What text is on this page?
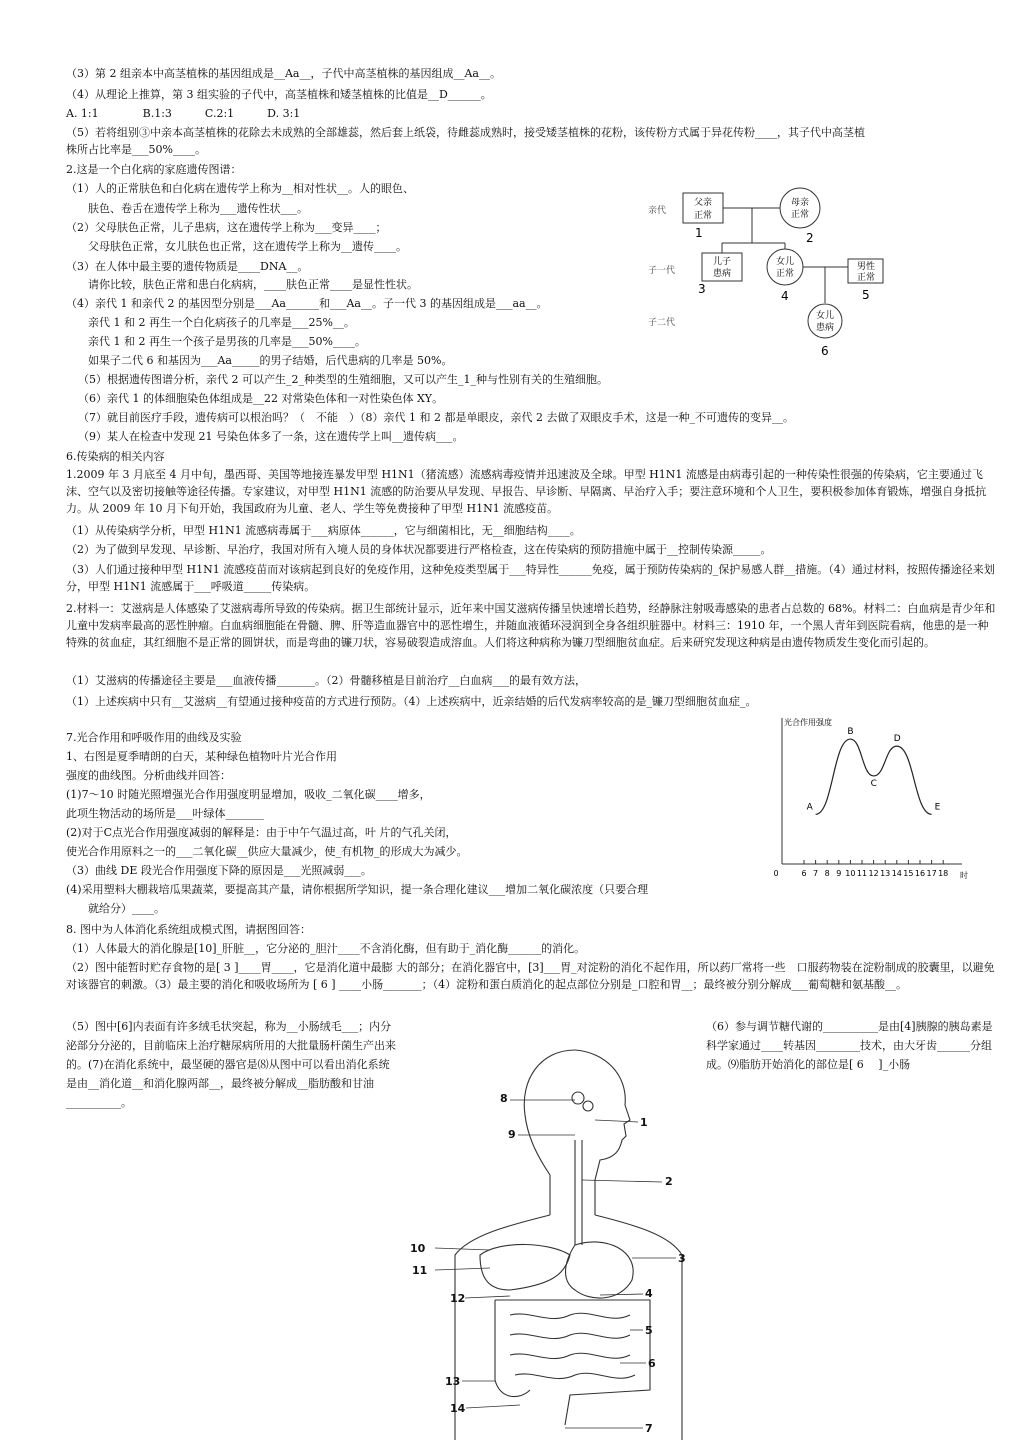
（3）第 2 组亲本中高茎植株的基因组成是__Aa__，子代中高茎植株的基因组成__Aa__。
（4）从理论上推算，第 3 组实验的子代中，高茎植株和矮茎植株的比值是__D______。
A. 1:1　　　　B.1:3　　　C.2:1　　　D. 3:1
（5）若将组别③中亲本高茎植株的花除去未成熟的全部雄蕊，然后套上纸袋，待雌蕊成熟时，接受矮茎植株的花粉，该传粉方式属于异花传粉____，其子代中高茎植
株所占比率是___50%____。
2.这是一个白化病的家庭遗传图谱：
（1）人的正常肤色和白化病在遗传学上称为__相对性状__。人的眼色、
　　肤色、卷舌在遗传学上称为___遗传性状___。
（2）父母肤色正常，儿子患病，这在遗传学上称为___变异____；
　　父母肤色正常，女儿肤色也正常，这在遗传学上称为__遗传____。
（3）在人体中最主要的遗传物质是____DNA__。
　　请你比较，肤色正常和患白化病病，____肤色正常____是显性性状。
（4）亲代 1 和亲代 2 的基因型分别是___Aa______和___Aa__。子一代 3 的基因组成是___aa__。
　　亲代 1 和 2 再生一个白化病孩子的几率是___25%__。
　　亲代 1 和 2 再生一个孩子是男孩的几率是___50%____。
　　如果子二代 6 和基因为___Aa_____的男子结婚，后代患病的几率是 50%。
（5）根据遗传图谱分析，亲代 2 可以产生_2_种类型的生殖细胞，又可以产生_1_种与性别有关的生殖细胞。
（6）亲代 1 的体细胞染色体组成是__22 对常染色体和一对性染色体 XY。
（7）就目前医疗手段，遗传病可以根治吗？（　不能　）（8）亲代 1 和 2 都是单眼皮，亲代 2 去做了双眼皮手术，这是一种_不可遗传的变异__。
（9）某人在检查中发现 21 号染色体多了一条，这在遗传学上叫__遗传病___。
6.传染病的相关内容
1.2009 年 3 月底至 4 月中旬，墨西哥、美国等地接连暴发甲型 H1N1（猪流感）流感病毒疫情并迅速波及全球。甲型 H1N1 流感是由病毒引起的一种传染性很强的传染病，它主要通过飞沫、空气以及密切接触等途径传播。专家建议，对甲型 H1N1 流感的防治要从早发现、早报告、早诊断、早隔离、早治疗入手；要注意环境和个人卫生，要积极参加体育锻炼，增强自身抵抗力。从 2009 年 10 月下旬开始，我国政府为儿童、老人、学生等免费接种了甲型 H1N1 流感疫苗。
（1）从传染病学分析，甲型 H1N1 流感病毒属于___病原体______，它与细菌相比，无__细胞结构____。
（2）为了做到早发现、早诊断、早治疗，我国对所有入境人员的身体状况都要进行严格检查，这在传染病的预防措施中属于__控制传染源_____。
（3）人们通过接种甲型 H1N1 流感疫苗而对该病起到良好的免疫作用，这种免疫类型属于___特异性______免疫，属于预防传染病的_保护易感人群__措施。（4）通过材料，按照传播途径来划分，甲型 H1N1 流感属于___呼吸道_____传染病。
2.材料一：艾滋病是人体感染了艾滋病毒所导致的传染病。据卫生部统计显示，近年来中国艾滋病传播呈快速增长趋势，经静脉注射吸毒感染的患者占总数的 68%。材料二：白血病是青少年和儿童中发病率最高的恶性肿瘤。白血病细胞能在骨髓、脾、肝等造血器官中的恶性增生，并随血液循环浸润到全身各组织脏器中。材料三：1910 年，一个黑人青年到医院看病，他患的是一种特殊的贫血症，其红细胞不是正常的圆饼状，而是弯曲的镰刀状，容易破裂造成溶血。人们将这种病称为镰刀型细胞贫血症。后来研究发现这种病是由遗传物质发生变化而引起的。
（1）艾滋病的传播途径主要是___血液传播_______。（2）骨髓移植是目前治疗__白血病___的最有效方法，
（1）上述疾病中只有__艾滋病__有望通过接种疫苗的方式进行预防。（4）上述疾病中，近亲结婚的后代发病率较高的是_镰刀型细胞贫血症_。
7.光合作用和呼吸作用的曲线及实验
1、右图是夏季晴朗的白天，某种绿色植物叶片光合作用
强度的曲线图。分析曲线并回答：
(1)7～10 时随光照增强光合作用强度明显增加，吸收_二氧化碳____增多，
此项生物活动的场所是___叶绿体_______
(2)对于C点光合作用强度减弱的解释是：由于中午气温过高，叶 片的气孔关闭，
使光合作用原料之一的___二氧化碳__供应大量减少，使_有机物_的形成大为减少。
（3）曲线 DE 段光合作用强度下降的原因是___光照减弱___。
(4)采用塑料大棚栽培瓜果蔬菜，要提高其产量，请你根据所学知识，提一条合理化建议___增加二氧化碳浓度（只要合理
　　就给分）____。
8. 图中为人体消化系统组成模式图，请据图回答：
（1）人体最大的消化腺是[10]_肝脏__，它分泌的_胆汁____不含消化酶，但有助于_消化酶______的消化。
（2）图中能暂时贮存食物的是[ 3 ]____胃____，它是消化道中最膨 大的部分；在消化器官中，[3]___胃_对淀粉的消化不起作用，所以药厂常将一些　口服药物装在淀粉制成的胶囊里，以避免对该器官的刺激。（3）最主要的消化和吸收场所为 [ 6 ] ____小肠_______；（4）淀粉和蛋白质消化的起点部位分别是_口腔和胃__；最终被分别分解成___葡萄糖和氨基酸__。
（5）图中[6]内表面有许多绒毛状突起，称为__小肠绒毛___；内分泌部分分泌的，目前临床上治疗糖尿病所用的大批量肠杆菌生产出来的。(7)在消化系统中，最坚硬的器官是⑻从图中可以看出消化系统是由__消化道__和消化腺两部__，最终被分解成__脂肪酸和甘油__________。
（6）参与调节糖代谢的__________是由[4]胰腺的胰岛素是科学家通过____转基因________技术，由大牙齿______分组成。⑼脂肪开始消化的部位是[ 6　 ]_小肠
亲代
子一代
子二代
父亲
正常
1
母亲
正常
2
儿子
患病
3
女儿
正常
4
男性
正常
5
女儿
患病
6
光合作用强度
0	6 7 8 9 10 11 12 13 14 15 16 17 18
A
B
C
D
E
时
8
9
10
11
12
13
14
1
2
3
4
5
6
7
